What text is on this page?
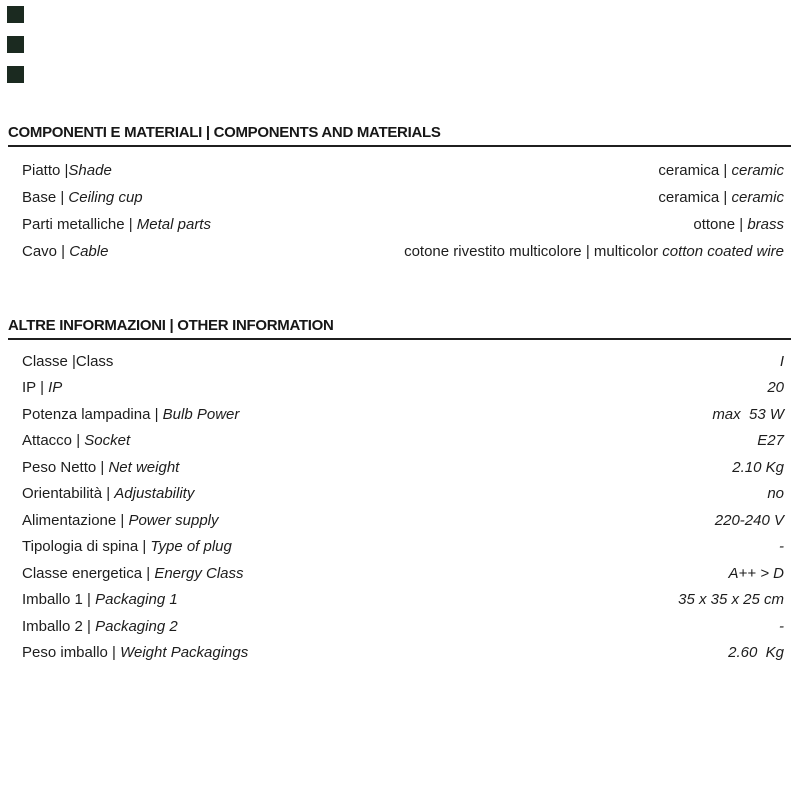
COMPONENTI E MATERIALI | COMPONENTS AND MATERIALS
Piatto |Shade	ceramica | ceramic
Base | Ceiling cup	ceramica | ceramic
Parti metalliche | Metal parts	ottone | brass
Cavo | Cable	cotone rivestito multicolore | multicolor cotton coated wire
ALTRE INFORMAZIONI | OTHER INFORMATION
Classe |Class	I
IP | IP	20
Potenza lampadina | Bulb Power	max  53 W
Attacco | Socket	E27
Peso Netto | Net weight	2.10 Kg
Orientabilità | Adjustability	no
Alimentazione | Power supply	220-240 V
Tipologia di spina | Type of plug	-
Classe energetica | Energy Class	A++ > D
Imballo 1 | Packaging 1	35 x 35 x 25 cm
Imballo 2 | Packaging 2	-
Peso imballo | Weight Packagings	2.60  Kg
